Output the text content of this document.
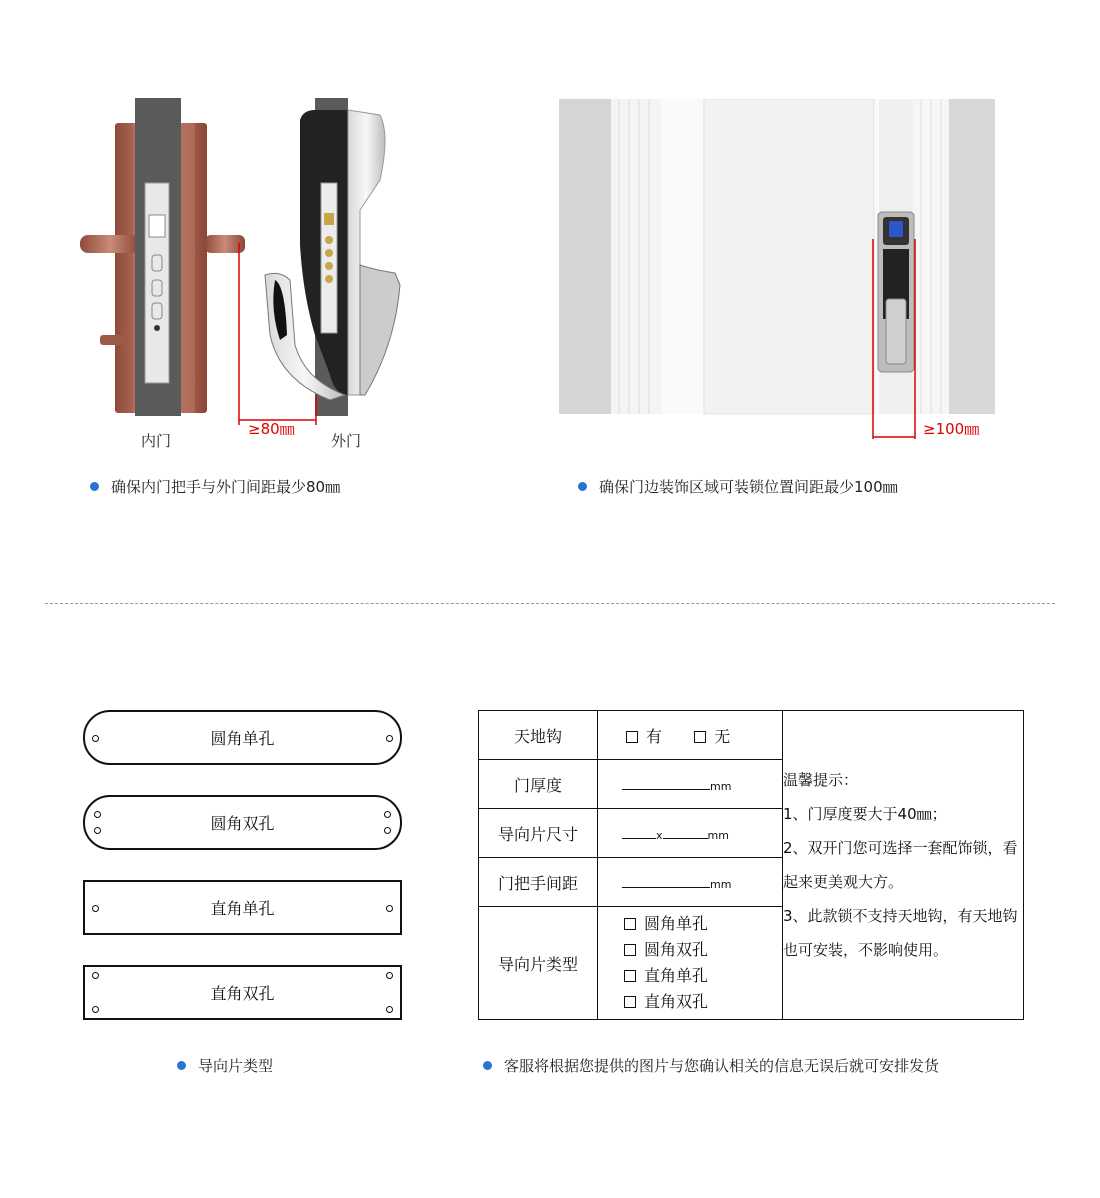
≥80㎜
内门	外门
确保内门把手与外门间距最少80㎜
≥100㎜
确保门边装饰区域可装锁位置间距最少100㎜
圆角单孔
圆角双孔
直角单孔
直角双孔
导向片类型
天地钩	有 无	温馨提示：
1、门厚度要大于40㎜；
2、双开门您可选择一套配饰锁，看起来更美观大方。
3、此款锁不支持天地钩，有天地钩也可安装，不影响使用。

门厚度	mm	
导向片尺寸	x mm	
门把手间距	mm	
导向片类型	圆角单孔
圆角双孔
直角单孔
直角双孔	
客服将根据您提供的图片与您确认相关的信息无误后就可安排发货
